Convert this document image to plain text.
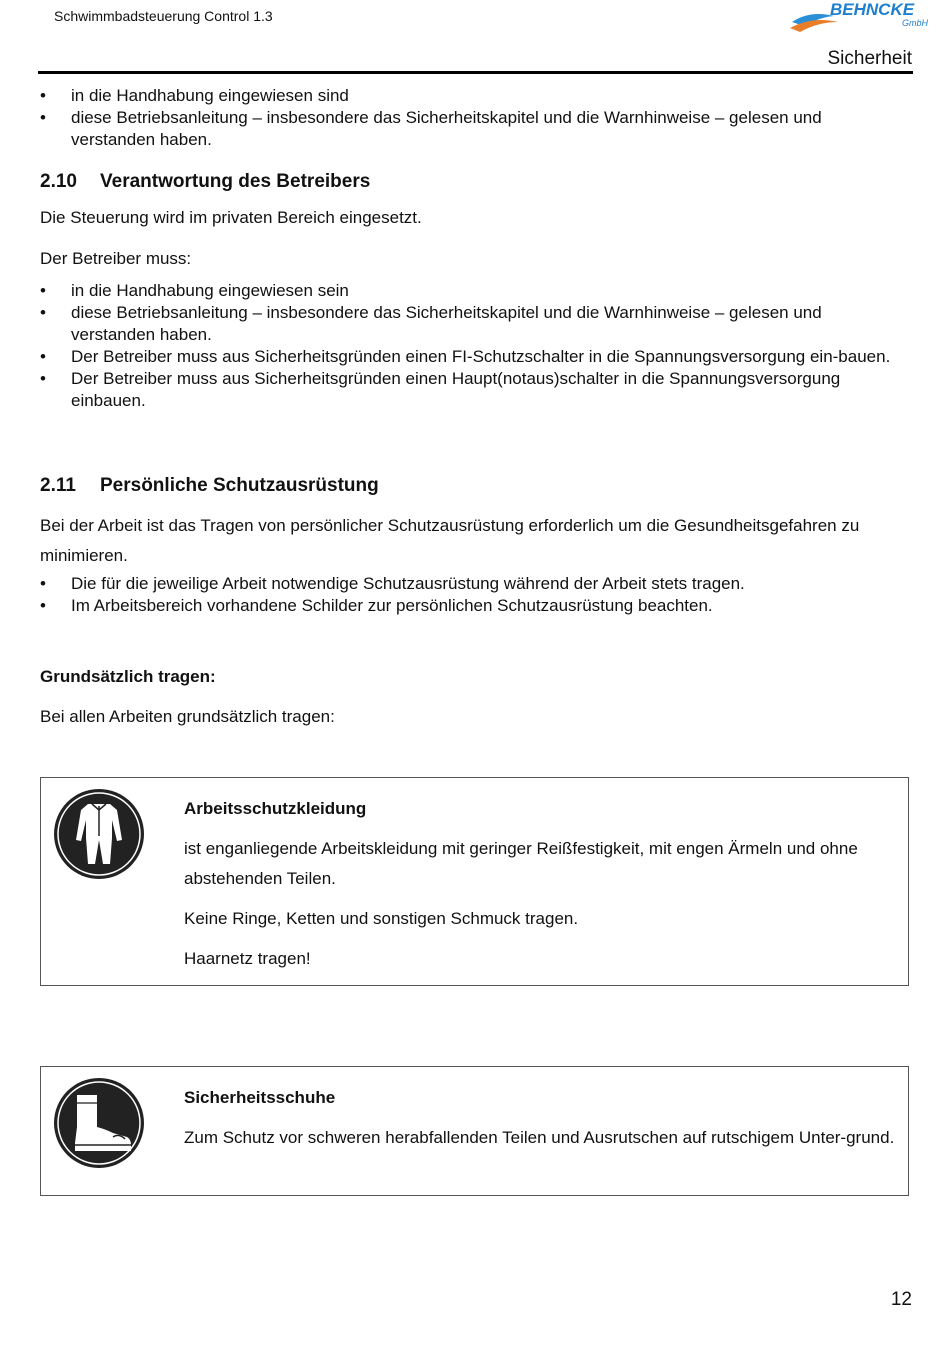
Schwimmbadsteuerung Control 1.3	BEHNCKE
GmbH
Sicherheit
• in die Handhabung eingewiesen sind
• diese Betriebsanleitung – insbesondere das Sicherheitskapitel und die Warnhinweise – gelesen und verstanden haben.
2.10 Verantwortung des Betreibers
Die Steuerung wird im privaten Bereich eingesetzt.
Der Betreiber muss:
• in die Handhabung eingewiesen sein
• diese Betriebsanleitung – insbesondere das Sicherheitskapitel und die Warnhinweise – gelesen und verstanden haben.
• Der Betreiber muss aus Sicherheitsgründen einen FI-Schutzschalter in die Spannungsversorgung ein-bauen.
• Der Betreiber muss aus Sicherheitsgründen einen Haupt(notaus)schalter in die Spannungsversorgung einbauen.
2.11 Persönliche Schutzausrüstung
Bei der Arbeit ist das Tragen von persönlicher Schutzausrüstung erforderlich um die Gesundheitsgefahren zu minimieren.
• Die für die jeweilige Arbeit notwendige Schutzausrüstung während der Arbeit stets tragen.
• Im Arbeitsbereich vorhandene Schilder zur persönlichen Schutzausrüstung beachten.
Grundsätzlich tragen:
Bei allen Arbeiten grundsätzlich tragen:

Arbeitsschutzkleidung

ist enganliegende Arbeitskleidung mit geringer Reißfestigkeit, mit engen Ärmeln und ohne abstehenden Teilen.

Keine Ringe, Ketten und sonstigen Schmuck tragen.

Haarnetz tragen!

Sicherheitsschuhe

Zum Schutz vor schweren herabfallenden Teilen und Ausrutschen auf rutschigem Unter-grund.

12
